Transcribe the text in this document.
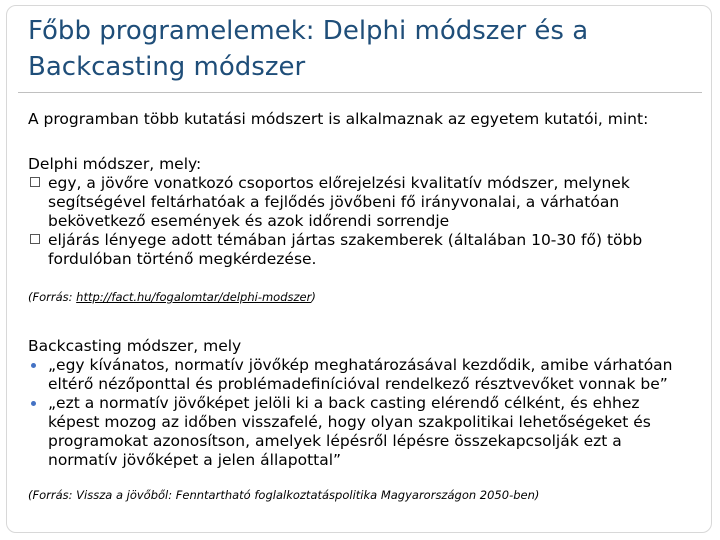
Főbb programelemek: Delphi módszer és a Backcasting módszer
A programban több kutatási módszert is alkalmaznak az egyetem kutatói, mint:
Delphi módszer, mely:
egy, a jövőre vonatkozó csoportos előrejelzési kvalitatív módszer, melynek segítségével feltárhatóak a fejlődés jövőbeni fő irányvonalai, a várhatóan bekövetkező események és azok időrendi sorrendje
eljárás lényege adott témában jártas szakemberek (általában 10-30 fő) több fordulóban történő megkérdezése.
(Forrás: http://fact.hu/fogalomtar/delphi-modszer)
Backcasting módszer, mely
„egy kívánatos, normatív jövőkép meghatározásával kezdődik, amibe várhatóan eltérő nézőponttal és problémadefinícióval rendelkező résztvevőket vonnak be”
„ezt a normatív jövőképet jelöli ki a back casting elérendő célként, és ehhez képest mozog az időben visszafelé, hogy olyan szakpolitikai lehetőségeket és programokat azonosítson, amelyek lépésről lépésre összekapcsolják ezt a normatív jövőképet a jelen állapottal”
(Forrás: Vissza a jövőből: Fenntartható foglalkoztatáspolitika Magyarországon 2050-ben)
